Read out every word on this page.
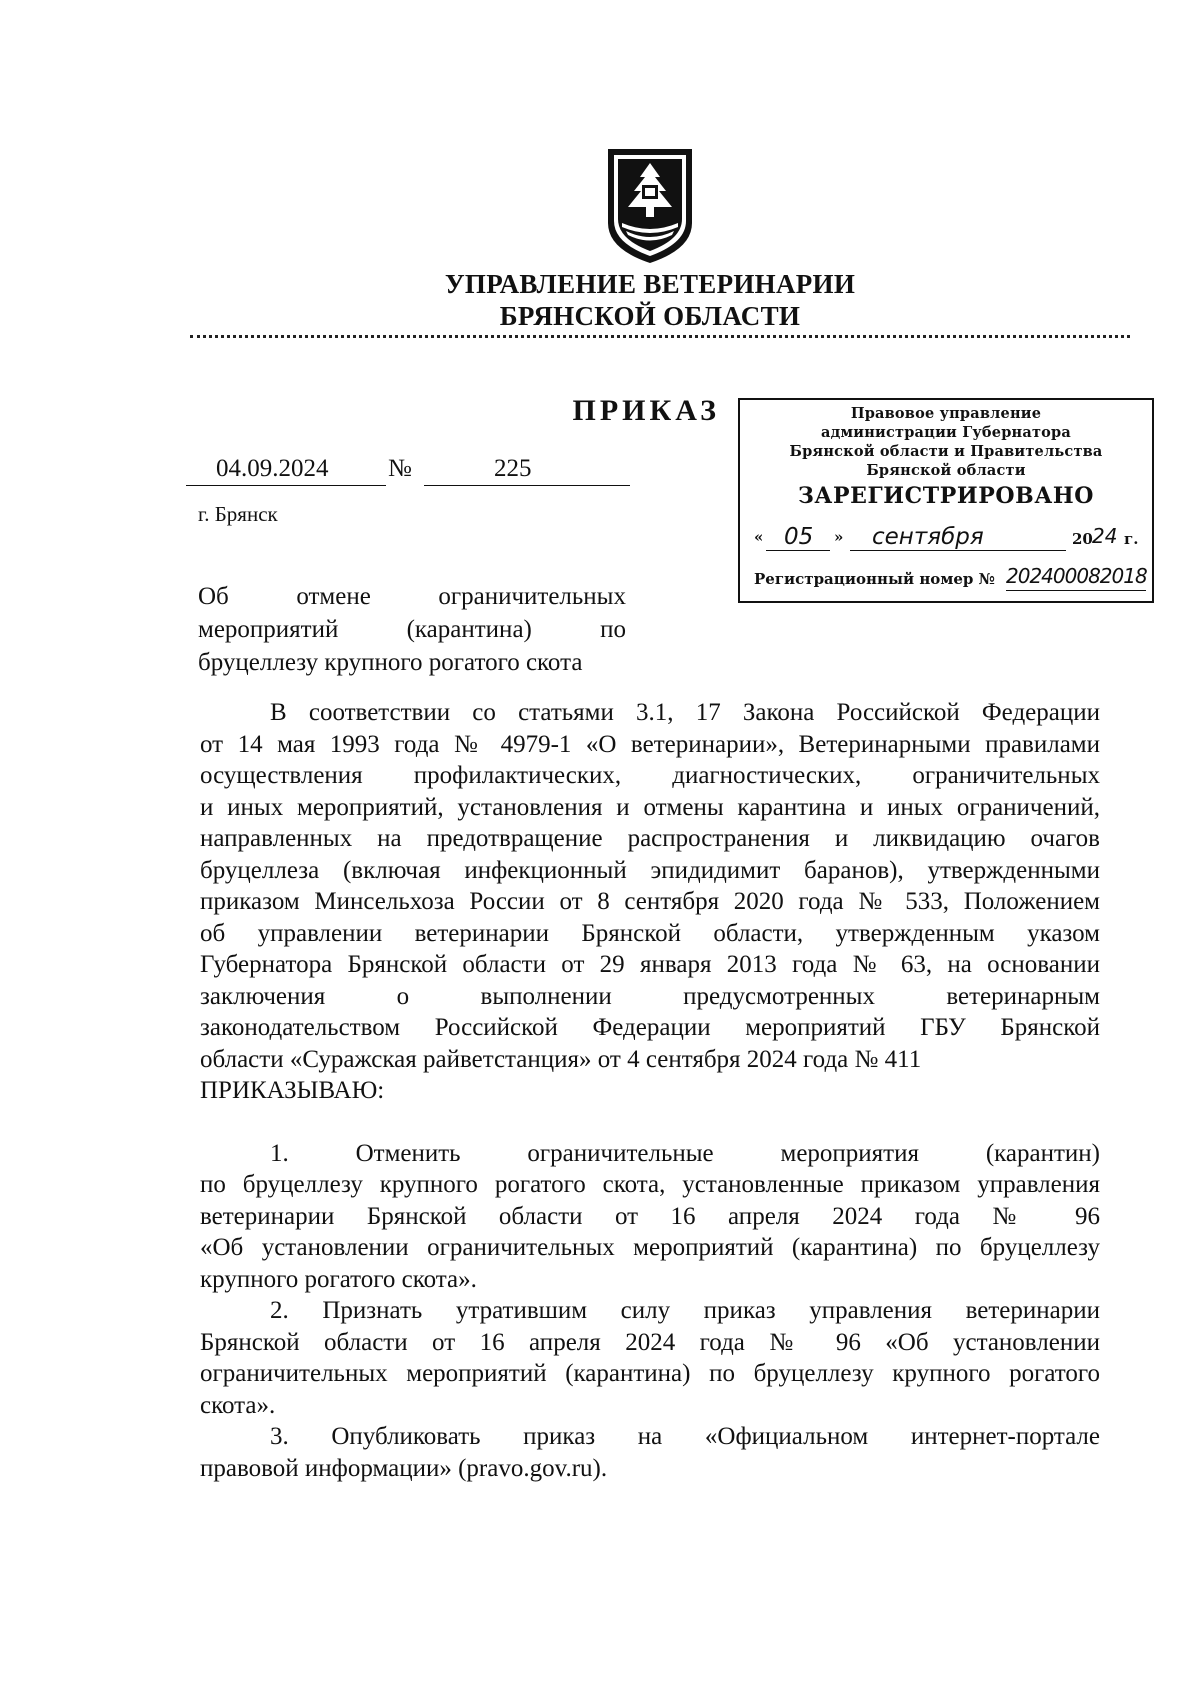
УПРАВЛЕНИЕ ВЕТЕРИНАРИИ
БРЯНСКОЙ ОБЛАСТИ
ПРИКАЗ
04.09.2024 №	225
г. Брянск
Об	отмене	ограничительных
мероприятий	(карантина)	по
бруцеллезу крупного рогатого скота
Правовое управление
администрации Губернатора
Брянской области и Правительства
Брянской области
ЗАРЕГИСТРИРОВАНО
« 05 » сентября	20 24 г.
Регистрационный номер № 202400082018
В соответствии со статьями 3.1, 17 Закона Российской Федерации
от 14 мая 1993 года № 4979-1 «О ветеринарии», Ветеринарными правилами
осуществления профилактических, диагностических, ограничительных
и иных мероприятий, установления и отмены карантина и иных ограничений,
направленных на предотвращение распространения и ликвидацию очагов
бруцеллеза (включая инфекционный эпидидимит баранов), утвержденными
приказом Минсельхоза России от 8 сентября 2020 года № 533, Положением
об управлении ветеринарии Брянской области, утвержденным указом
Губернатора Брянской области от 29 января 2013 года № 63, на основании
заключения о выполнении предусмотренных ветеринарным
законодательством Российской Федерации мероприятий ГБУ Брянской
области «Суражская райветстанция» от 4 сентября 2024 года № 411
ПРИКАЗЫВАЮ:
1. Отменить ограничительные мероприятия (карантин)
по бруцеллезу крупного рогатого скота, установленные приказом управления
ветеринарии Брянской области от 16 апреля 2024 года № 96
«Об установлении ограничительных мероприятий (карантина) по бруцеллезу
крупного рогатого скота».
2. Признать утратившим силу приказ управления ветеринарии
Брянской области от 16 апреля 2024 года № 96 «Об установлении
ограничительных мероприятий (карантина) по бруцеллезу крупного рогатого
скота».
3. Опубликовать приказ на «Официальном интернет-портале
правовой информации» (pravo.gov.ru).
